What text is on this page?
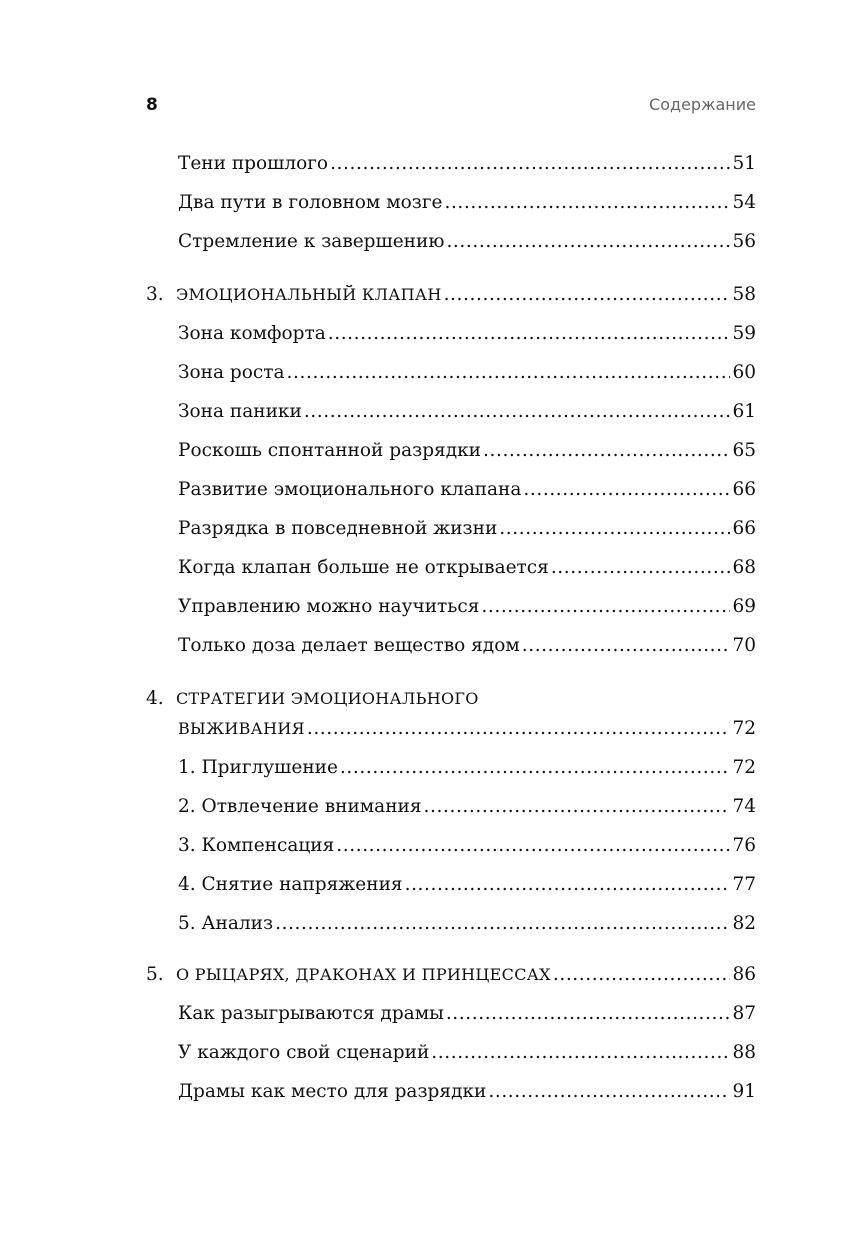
8	Содержание
Тени прошлого .....	51
Два пути в головном мозге .....	54
Стремление к завершению .....	56
3. ЭМОЦИОНАЛЬНЫЙ КЛАПАН .....	58
Зона комфорта .....	59
Зона роста .....	60
Зона паники .....	61
Роскошь спонтанной разрядки .....	65
Развитие эмоционального клапана .....	66
Разрядка в повседневной жизни .....	66
Когда клапан больше не открывается .....	68
Управлению можно научиться .....	69
Только доза делает вещество ядом .....	70
4. СТРАТЕГИИ ЭМОЦИОНАЛЬНОГО
ВЫЖИВАНИЯ .....	72
1. Приглушение .....	72
2. Отвлечение внимания .....	74
3. Компенсация .....	76
4. Снятие напряжения .....	77
5. Анализ .....	82
5. О РЫЦАРЯХ, ДРАКОНАХ И ПРИНЦЕССАХ .....	86
Как разыгрываются драмы .....	87
У каждого свой сценарий .....	88
Драмы как место для разрядки .....	91
